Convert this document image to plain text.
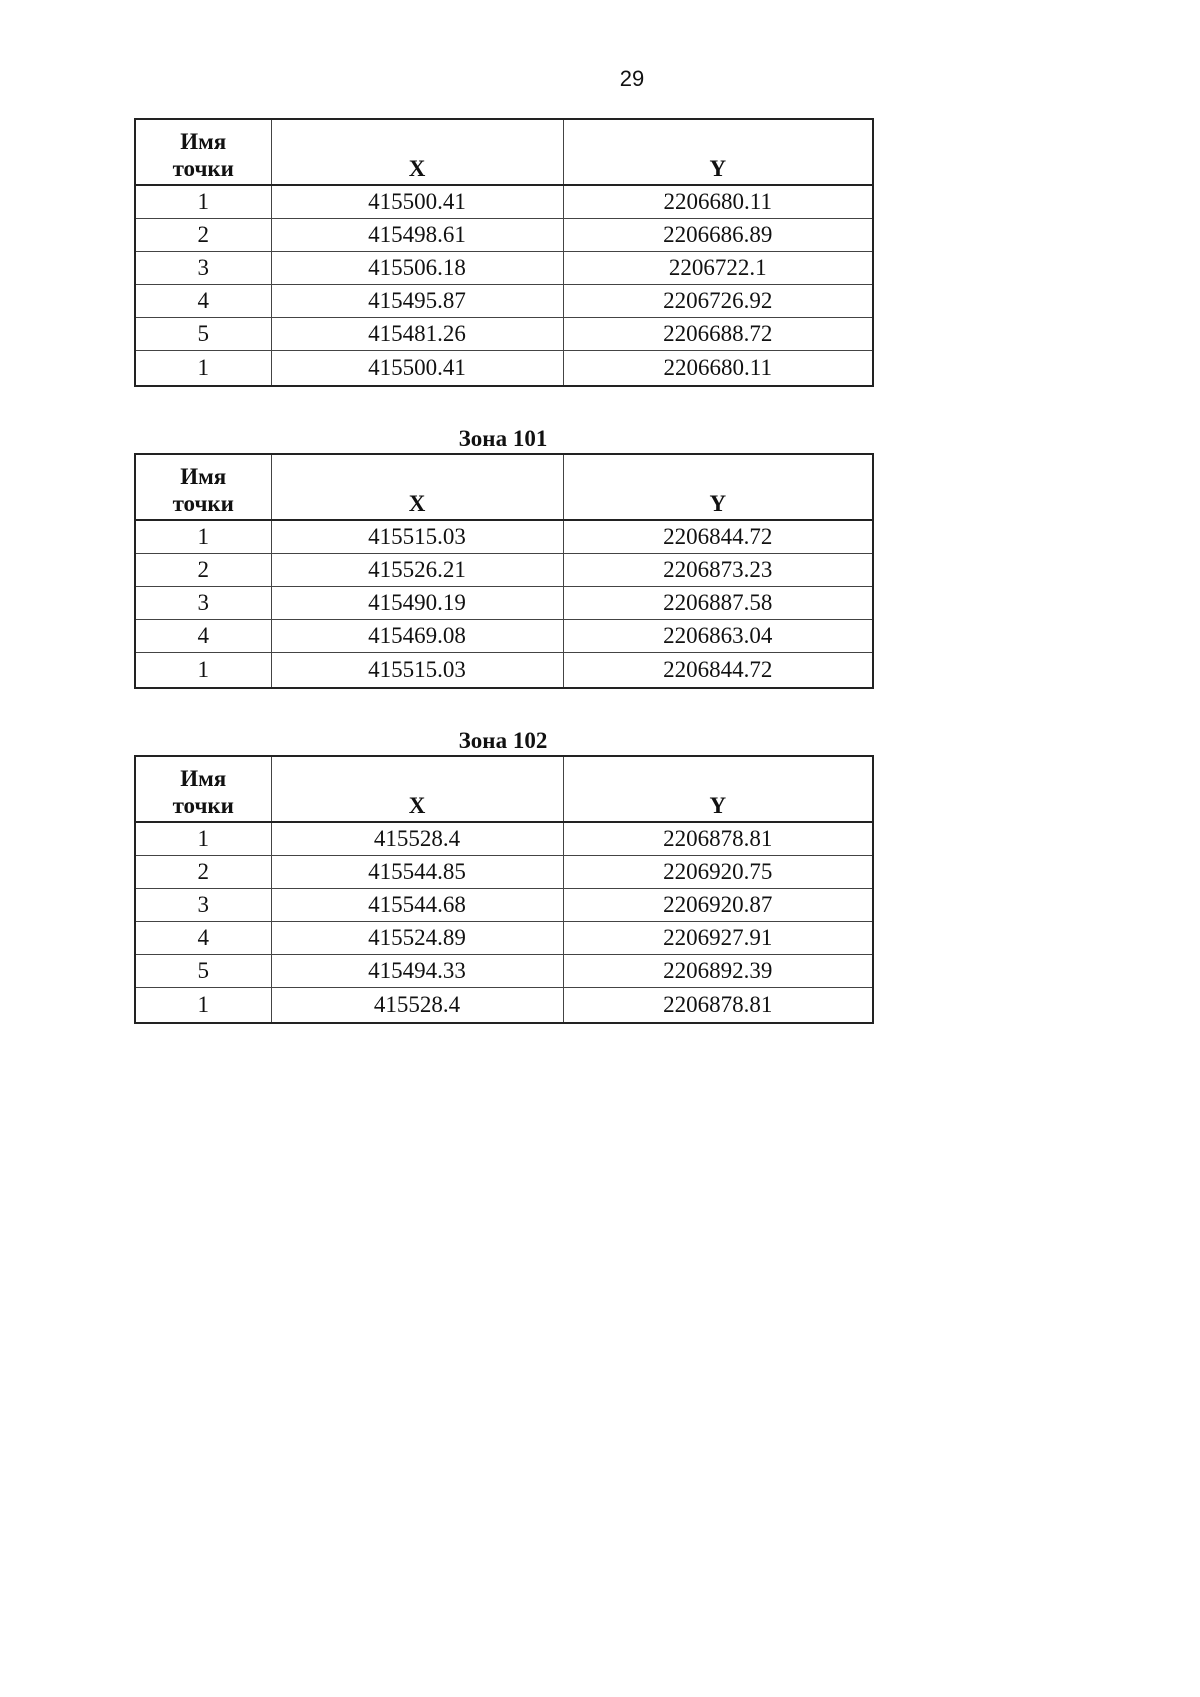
29
Имя
точки	X	Y
1	415500.41	2206680.11
2	415498.61	2206686.89
3	415506.18	2206722.1
4	415495.87	2206726.92
5	415481.26	2206688.72
1	415500.41	2206680.11
Зона 101
Имя
точки	X	Y
1	415515.03	2206844.72
2	415526.21	2206873.23
3	415490.19	2206887.58
4	415469.08	2206863.04
1	415515.03	2206844.72
Зона 102
Имя
точки	X	Y
1	415528.4	2206878.81
2	415544.85	2206920.75
3	415544.68	2206920.87
4	415524.89	2206927.91
5	415494.33	2206892.39
1	415528.4	2206878.81
